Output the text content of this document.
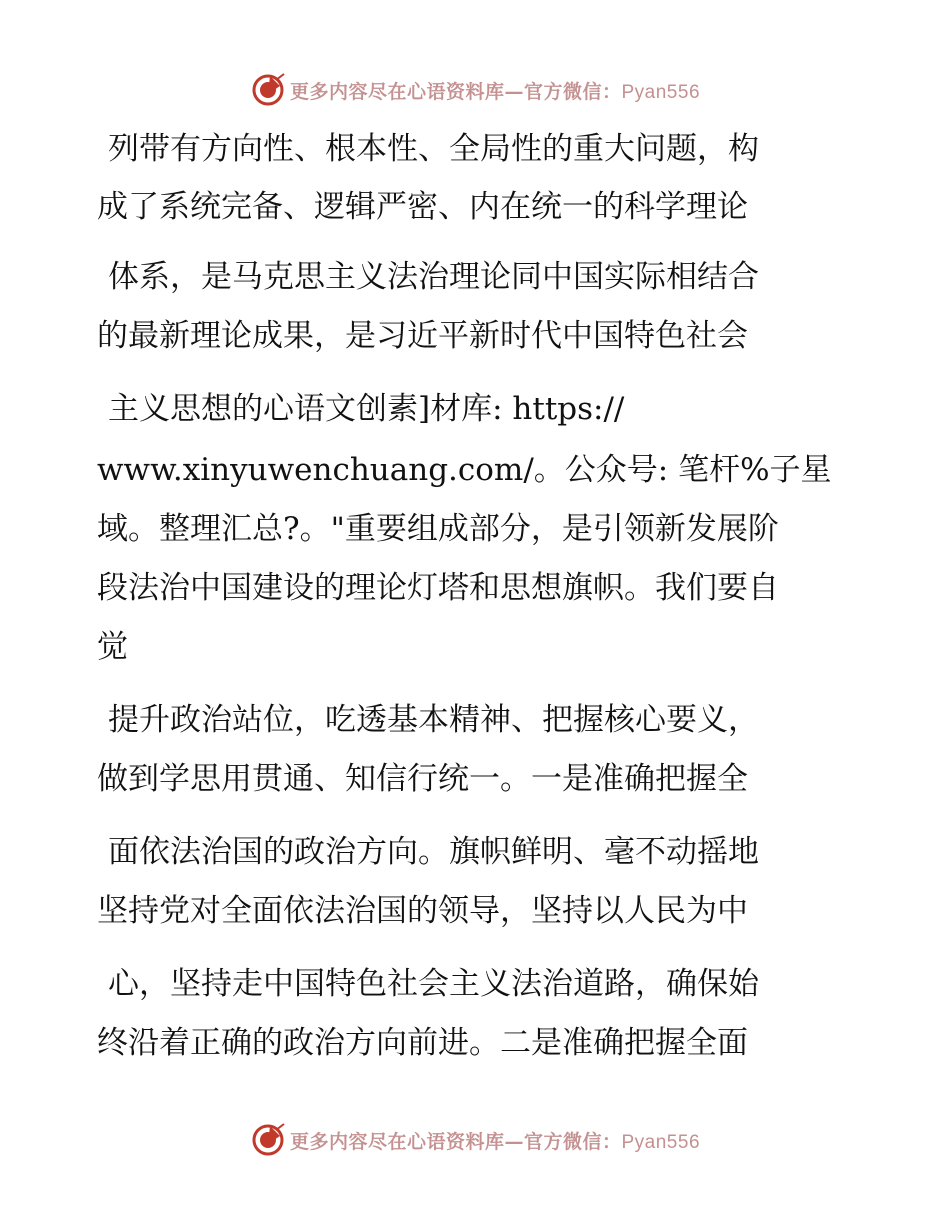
更多内容尽在心语资料库—官方微信：Pyan556
列带有方向性、根本性、全局性的重大问题，构
成了系统完备、逻辑严密、内在统一的科学理论
体系，是马克思主义法治理论同中国实际相结合
的最新理论成果，是习近平新时代中国特色社会
主义思想的心语文创素]材库: https://
www.xinyuwenchuang.com/。公众号: 笔杆%子星
域。整理汇总?。"重要组成部分，是引领新发展阶
段法治中国建设的理论灯塔和思想旗帜。我们要自
觉
提升政治站位，吃透基本精神、把握核心要义，
做到学思用贯通、知信行统一。一是准确把握全
面依法治国的政治方向。旗帜鲜明、毫不动摇地
坚持党对全面依法治国的领导，坚持以人民为中
心，坚持走中国特色社会主义法治道路，确保始
终沿着正确的政治方向前进。二是准确把握全面
更多内容尽在心语资料库—官方微信：Pyan556
